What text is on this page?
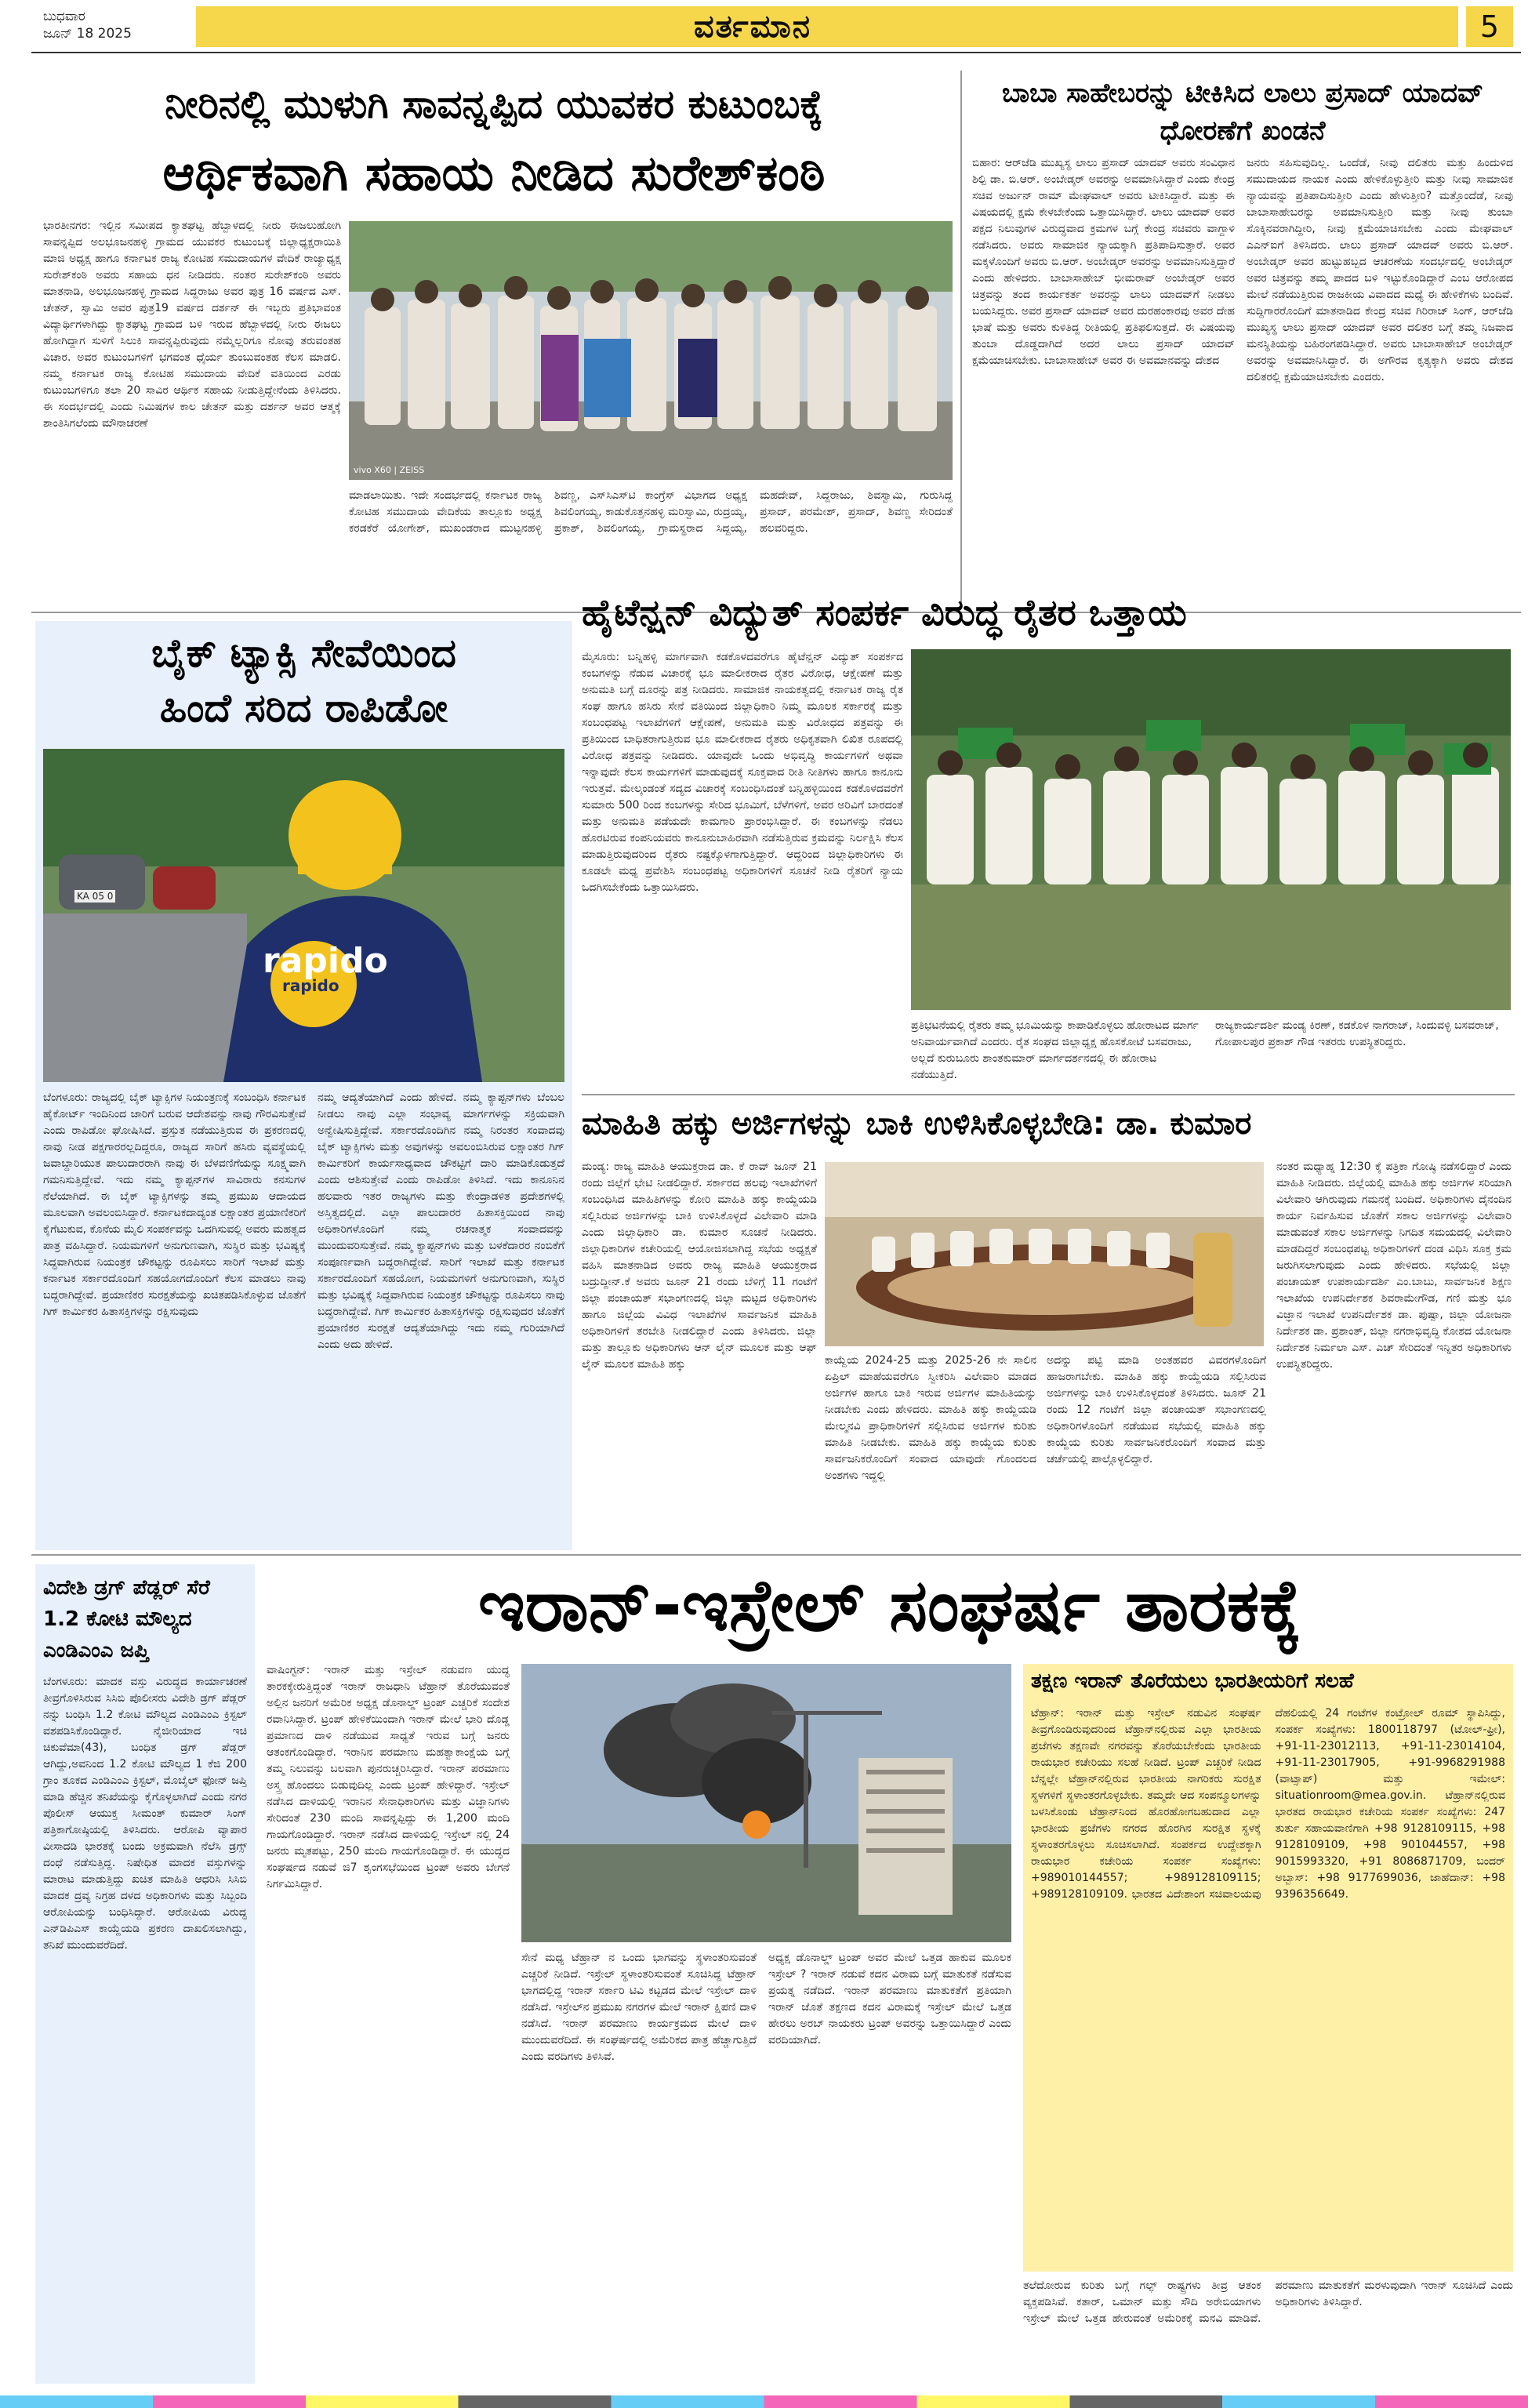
ಬುಧವಾರ
ಜೂನ್ 18 2025	ವರ್ತಮಾನ	5
ನೀರಿನಲ್ಲಿ ಮುಳುಗಿ ಸಾವನ್ನಪ್ಪಿದ ಯುವಕರ ಕುಟುಂಬಕ್ಕೆ
ಆರ್ಥಿಕವಾಗಿ ಸಹಾಯ ನೀಡಿದ ಸುರೇಶ್‌ಕಂಠಿ
ಭಾರತೀನಗರ: ಇಲ್ಲಿನ ಸಮೀಪದ ಕ್ಯಾತಘಟ್ಟ ಹೆಬ್ಬಾಳದಲ್ಲಿ ನೀರು ಈಜಲುಹೋಗಿ ಸಾವನ್ನಪ್ಪಿದ ಅಲಭೂಜನಹಳ್ಳಿ ಗ್ರಾಮದ ಯುವಕರ ಕುಟುಂಬಕ್ಕೆ ಜಿಲ್ಲಾಧ್ಯಕ್ಷರಾಯಿತಿ ಮಾಜಿ ಅಧ್ಯಕ್ಷ ಹಾಗೂ ಕರ್ನಾಟಕ ರಾಜ್ಯ ಕೋಟಿಹ ಸಮುದಾಯಗಳ ವೇದಿಕೆ ರಾಜ್ಯಾಧ್ಯಕ್ಷ ಸುರೇಶ್‌ಕಂಠಿ ಅವರು ಸಹಾಯ ಧನ ನೀಡಿದರು. ನಂತರ ಸುರೇಶ್‌ಕಂಠಿ ಅವರು ಮಾತನಾಡಿ, ಅಲಭೂಜನಹಳ್ಳಿ ಗ್ರಾಮದ ಸಿದ್ದರಾಜು ಅವರ ಪುತ್ರ 16 ವರ್ಷದ ಎಸ್. ಚೇತನ್, ಸ್ವಾಮಿ ಅವರ ಪುತ್ರ19 ವರ್ಷದ ದರ್ಶನ್ ಈ ಇಬ್ಬರು ಪ್ರತಿಭಾವಂತ ವಿದ್ಯಾರ್ಥಿಗಳಾಗಿದ್ದು ಕ್ಯಾತಘಟ್ಟ ಗ್ರಾಮದ ಬಳಿ ಇರುವ ಹೆಬ್ಬಾಳದಲ್ಲಿ ನೀರು ಈಜಲು ಹೋಗಿದ್ದಾಗ ಸುಳಿಗೆ ಸಿಲುಕಿ ಸಾವನ್ನಪ್ಪಿರುವುದು ನಮ್ಮೆಲ್ಲರಿಗೂ ನೋವು ತರುವಂತಹ ವಿಚಾರ. ಅವರ ಕುಟುಂಬಗಳಿಗೆ ಭಗವಂತ ಧೈರ್ಯ ತುಂಬುವಂತಹ ಕೆಲಸ ಮಾಡಲಿ. ನಮ್ಮ ಕರ್ನಾಟಕ ರಾಜ್ಯ ಕೋಟಿಹ ಸಮುದಾಯ ವೇದಿಕೆ ವತಿಯಿಂದ ಎರಡು ಕುಟುಂಬಗಳಿಗೂ ತಲಾ 20 ಸಾವಿರ ಆರ್ಥಿಕ ಸಹಾಯ ನೀಡುತ್ತಿದ್ದೇನೆಂದು ತಿಳಿಸಿದರು. ಈ ಸಂದರ್ಭದಲ್ಲಿ ಎಂದು ನಿಮಿಷಗಳ ಕಾಲ ಚೇತನ್ ಮತ್ತು ದರ್ಶನ್ ಅವರ ಆತ್ಮಕ್ಕೆ ಶಾಂತಿಸಿಗಲೆಂದು ಮೌನಾಚರಣೆ
vivo X60 | ZEISS
ಮಾಡಲಾಯಿತು. ಇದೇ ಸಂದರ್ಭದಲ್ಲಿ ಕರ್ನಾಟಕ ರಾಜ್ಯ ಕೋಟಿಹ ಸಮುದಾಯ ವೇದಿಕೆಯ ತಾಲ್ಲೂಕು ಅಧ್ಯಕ್ಷ ಕರಡಕೆರೆ ಯೋಗೇಶ್, ಮುಖಂಡರಾದ ಮುಟ್ಟನಹಳ್ಳಿ ಶಿವಣ್ಣ, ಎಸ್‌ಸಿಎಸ್‌ಟಿ ಕಾಂಗ್ರೆಸ್ ವಿಭಾಗದ ಅಧ್ಯಕ್ಷ ಶಿವಲಿಂಗಯ್ಯ, ಕಾಡುಕೊತ್ತನಹಳ್ಳಿ ಮರಿಸ್ವಾಮಿ, ರುದ್ರಯ್ಯ, ಪ್ರಕಾಶ್, ಶಿವಲಿಂಗಯ್ಯ, ಗ್ರಾಮಸ್ಥರಾದ ಸಿದ್ದಯ್ಯ, ಮಹದೇವ್, ಸಿದ್ದರಾಜು, ಶಿವಸ್ವಾಮಿ, ಗುರುಸಿದ್ದ ಪ್ರಸಾದ್, ಪರಮೇಶ್, ಪ್ರಸಾದ್, ಶಿವಣ್ಣ ಸೇರಿದಂತೆ ಹಲವರಿದ್ದರು.
ಬಾಬಾ ಸಾಹೇಬರನ್ನು ಟೀಕಿಸಿದ ಲಾಲು ಪ್ರಸಾದ್ ಯಾದವ್ ಧೋರಣೆಗೆ ಖಂಡನೆ
ಬಿಹಾರ: ಆರ್‌ಜೆಡಿ ಮುಖ್ಯಸ್ಥ ಲಾಲು ಪ್ರಸಾದ್ ಯಾದವ್ ಅವರು ಸಂವಿಧಾನ ಶಿಲ್ಪಿ ಡಾ. ಬಿ.ಆರ್. ಅಂಬೇಡ್ಕರ್ ಅವರನ್ನು ಅವಮಾನಿಸಿದ್ದಾರೆ ಎಂದು ಕೇಂದ್ರ ಸಚಿವ ಅರ್ಜುನ್ ರಾಮ್ ಮೇಘವಾಲ್ ಅವರು ಟೀಕಿಸಿದ್ದಾರೆ. ಮತ್ತು ಈ ವಿಷಯದಲ್ಲಿ ಕ್ಷಮೆ ಕೇಳಬೇಕೆಂದು ಒತ್ತಾಯಿಸಿದ್ದಾರೆ. ಲಾಲು ಯಾದವ್ ಅವರ ಪಕ್ಷದ ನಿಲುವುಗಳ ವಿರುದ್ಧವಾದ ಕ್ರಮಗಳ ಬಗ್ಗೆ ಕೇಂದ್ರ ಸಚಿವರು ವಾಗ್ದಾಳಿ ನಡೆಸಿದರು. ಅವರು ಸಾಮಾಜಿಕ ನ್ಯಾಯಕ್ಕಾಗಿ ಪ್ರತಿಪಾದಿಸುತ್ತಾರೆ. ಅವರ ಮಕ್ಕಳೊಂದಿಗೆ ಅವರು ಬಿ.ಆರ್. ಅಂಬೇಡ್ಕರ್ ಅವರನ್ನು ಅವಮಾನಿಸುತ್ತಿದ್ದಾರೆ ಎಂದು ಹೇಳಿದರು. ಬಾಬಾಸಾಹೇಬ್ ಭೀಮರಾವ್ ಅಂಬೇಡ್ಕರ್ ಅವರ ಚಿತ್ರವನ್ನು ತಂದ ಕಾರ್ಯಕರ್ತ ಅವರನ್ನು ಲಾಲು ಯಾದವ್‌ಗೆ ನೀಡಲು ಬಯಸಿದ್ದರು. ಅವರ ಪ್ರಸಾದ್ ಯಾದವ್ ಅವರ ದುರಹಂಕಾರವು ಅವರ ದೇಹ ಭಾಷೆ ಮತ್ತು ಅವರು ಕುಳಿತಿದ್ದ ರೀತಿಯಲ್ಲಿ ಪ್ರತಿಫಲಿಸುತ್ತದೆ. ಈ ವಿಷಯವು ತುಂಬಾ ದೊಡ್ಡದಾಗಿದೆ ಅದರ ಲಾಲು ಪ್ರಸಾದ್ ಯಾದವ್ ಕ್ಷಮೆಯಾಚಿಸಬೇಕು. ಬಾಬಾಸಾಹೇಬ್ ಅವರ ಈ ಅವಮಾನವನ್ನು ದೇಶದ
ಜನರು ಸಹಿಸುವುದಿಲ್ಲ. ಒಂದೆಡೆ, ನೀವು ದಲಿತರು ಮತ್ತು ಹಿಂದುಳಿದ ಸಮುದಾಯದ ನಾಯಕ ಎಂದು ಹೇಳಿಕೊಳ್ಳುತ್ತೀರಿ ಮತ್ತು ನೀವು ಸಾಮಾಜಿಕ ನ್ಯಾಯವನ್ನು ಪ್ರತಿಪಾದಿಸುತ್ತೀರಿ ಎಂದು ಹೇಳುತ್ತೀರಿ? ಮತ್ತೊಂದೆಡೆ, ನೀವು ಬಾಬಾಸಾಹೇಬರನ್ನು ಅವಮಾನಿಸುತ್ತೀರಿ ಮತ್ತು ನೀವು ತುಂಬಾ ಸೊಕ್ಕಿನವರಾಗಿದ್ದೀರಿ, ನೀವು ಕ್ಷಮೆಯಾಚಿಸಬೇಕು ಎಂದು ಮೇಘವಾಲ್ ಎಎನ್‌ಐಗೆ ತಿಳಿಸಿದರು. ಲಾಲು ಪ್ರಸಾದ್ ಯಾದವ್ ಅವರು ಬಿ.ಆರ್. ಅಂಬೇಡ್ಕರ್ ಅವರ ಹುಟ್ಟುಹಬ್ಬದ ಆಚರಣೆಯ ಸಂದರ್ಭದಲ್ಲಿ ಅಂಬೇಡ್ಕರ್ ಅವರ ಚಿತ್ರವನ್ನು ತಮ್ಮ ಪಾದದ ಬಳಿ ಇಟ್ಟುಕೊಂಡಿದ್ದಾರೆ ಎಂಬ ಆರೋಪದ ಮೇಲೆ ನಡೆಯುತ್ತಿರುವ ರಾಜಕೀಯ ವಿವಾದದ ಮಧ್ಯೆ ಈ ಹೇಳಿಕೆಗಳು ಬಂದಿವೆ. ಸುದ್ದಿಗಾರರೊಂದಿಗೆ ಮಾತನಾಡಿದ ಕೇಂದ್ರ ಸಚಿವ ಗಿರಿರಾಜ್ ಸಿಂಗ್, ಆರ್‌ಜೆಡಿ ಮುಖ್ಯಸ್ಥ ಲಾಲು ಪ್ರಸಾದ್ ಯಾದವ್ ಅವರ ದಲಿತರ ಬಗ್ಗೆ ತಮ್ಮ ನಿಜವಾದ ಮನಸ್ಥಿತಿಯನ್ನು ಬಹಿರಂಗಪಡಿಸಿದ್ದಾರೆ. ಅವರು ಬಾಬಾಸಾಹೇಬ್ ಅಂಬೇಡ್ಕರ್ ಅವರನ್ನು ಅವಮಾನಿಸಿದ್ದಾರೆ. ಈ ಅಗೌರವ ಕೃತ್ಯಕ್ಕಾಗಿ ಅವರು ದೇಶದ ದಲಿತರಲ್ಲಿ ಕ್ಷಮೆಯಾಚಿಸಬೇಕು ಎಂದರು.
ಬೈಕ್ ಟ್ಯಾಕ್ಸಿ ಸೇವೆಯಿಂದ
ಹಿಂದೆ ಸರಿದ ರಾಪಿಡೋ
rapido
rapido
KA 05 0
ಬೆಂಗಳೂರು: ರಾಜ್ಯದಲ್ಲಿ ಬೈಕ್ ಟ್ಯಾಕ್ಸಿಗಳ ನಿಯಂತ್ರಣಕ್ಕೆ ಸಂಬಂಧಿಸಿ ಕರ್ನಾಟಕ ಹೈಕೋರ್ಟ್ ಇಂದಿನಿಂದ ಜಾರಿಗೆ ಬರುವ ಆದೇಶವನ್ನು ನಾವು ಗೌರವಿಸುತ್ತೇವೆ ಎಂದು ರಾಪಿಡೋ ಘೋಷಿಸಿದೆ. ಪ್ರಸ್ತುತ ನಡೆಯುತ್ತಿರುವ ಈ ಪ್ರಕರಣದಲ್ಲಿ ನಾವು ನೀಡ ಪಕ್ಷಗಾರರಲ್ಲದಿದ್ದರೂ, ರಾಜ್ಯದ ಸಾರಿಗೆ ಹಸಿರು ವ್ಯವಸ್ಥೆಯಲ್ಲಿ ಜವಾಬ್ದಾರಿಯುತ ಪಾಲುದಾರರಾಗಿ ನಾವು ಈ ಬೆಳವಣಿಗೆಯನ್ನು ಸೂಕ್ಷ್ಮವಾಗಿ ಗಮನಿಸುತ್ತಿದ್ದೇವೆ. ಇದು ನಮ್ಮ ಕ್ಯಾಪ್ಟನ್‌ಗಳ ಸಾವಿರಾರು ಕನಸುಗಳ ನೆಲೆಯಾಗಿದೆ. ಈ ಬೈಕ್ ಟ್ಯಾಕ್ಸಿಗಳನ್ನು ತಮ್ಮ ಪ್ರಮುಖ ಆದಾಯದ ಮೂಲವಾಗಿ ಅವಲಂಬಿಸಿದ್ದಾರೆ. ಕರ್ನಾಟಕದಾದ್ಯಂತ ಲಕ್ಷಾಂತರ ಪ್ರಯಾಣಿಕರಿಗೆ ಕೈಗೆಟುಕುವ, ಕೊನೆಯ ಮೈಲಿ ಸಂಪರ್ಕವನ್ನು ಒದಗಿಸುವಲ್ಲಿ ಅವರು ಮಹತ್ವದ ಪಾತ್ರ ವಹಿಸಿದ್ದಾರೆ. ನಿಯಮಗಳಿಗೆ ಅನುಗುಣವಾಗಿ, ಸುಸ್ಥಿರ ಮತ್ತು ಭವಿಷ್ಯಕ್ಕೆ ಸಿದ್ಧವಾಗಿರುವ ನಿಯಂತ್ರಕ ಚೌಕಟ್ಟನ್ನು ರೂಪಿಸಲು ಸಾರಿಗೆ ಇಲಾಖೆ ಮತ್ತು ಕರ್ನಾಟಕ ಸರ್ಕಾರದೊಂದಿಗೆ ಸಹಯೋಗದೊಂದಿಗೆ ಕೆಲಸ ಮಾಡಲು ನಾವು ಬದ್ಧರಾಗಿದ್ದೇವೆ. ಪ್ರಯಾಣಿಕರ ಸುರಕ್ಷತೆಯನ್ನು ಖಚಿತಪಡಿಸಿಕೊಳ್ಳುವ ಜೊತೆಗೆ ಗಿಗ್ ಕಾರ್ಮಿಕರ ಹಿತಾಸಕ್ತಿಗಳನ್ನು ರಕ್ಷಿಸುವುದು
ನಮ್ಮ ಆದ್ಯತೆಯಾಗಿದೆ ಎಂದು ಹೇಳಿದೆ. ನಮ್ಮ ಕ್ಯಾಪ್ಟನ್‌ಗಳು ಬೆಂಬಲ ನೀಡಲು ನಾವು ಎಲ್ಲಾ ಸಂಭಾವ್ಯ ಮಾರ್ಗಗಳನ್ನು ಸಕ್ರಿಯವಾಗಿ ಅನ್ವೇಷಿಸುತ್ತಿದ್ದೇವೆ. ಸರ್ಕಾರದೊಂದಿಗಿನ ನಮ್ಮ ನಿರಂತರ ಸಂವಾದವು ಬೈಕ್ ಟ್ಯಾಕ್ಸಿಗಳು ಮತ್ತು ಅವುಗಳನ್ನು ಅವಲಂಬಿಸಿರುವ ಲಕ್ಷಾಂತರ ಗಿಗ್ ಕಾರ್ಮಿಕರಿಗೆ ಕಾರ್ಯಸಾಧ್ಯವಾದ ಚೌಕಟ್ಟಿಗೆ ದಾರಿ ಮಾಡಿಕೊಡುತ್ತದೆ ಎಂದು ಆಶಿಸುತ್ತೇವೆ ಎಂದು ರಾಪಿಡೋ ತಿಳಿಸಿದೆ. ಇದು ಕಾನೂನಿನ ಹಲವಾರು ಇತರ ರಾಜ್ಯಗಳು ಮತ್ತು ಕೇಂದ್ರಾಡಳಿತ ಪ್ರದೇಶಗಳಲ್ಲಿ ಅಸ್ತಿತ್ವದಲ್ಲಿದೆ. ಎಲ್ಲಾ ಪಾಲುದಾರರ ಹಿತಾಸಕ್ತಿಯಿಂದ ನಾವು ಅಧಿಕಾರಿಗಳೊಂದಿಗೆ ನಮ್ಮ ರಚನಾತ್ಮಕ ಸಂವಾದವನ್ನು ಮುಂದುವರಿಸುತ್ತೇವೆ. ನಮ್ಮ ಕ್ಯಾಪ್ಟನ್‌ಗಳು ಮತ್ತು ಬಳಕೆದಾರರ ನಂಬಿಕೆಗೆ ಸಂಪೂರ್ಣವಾಗಿ ಬದ್ಧರಾಗಿದ್ದೇವೆ. ಸಾರಿಗೆ ಇಲಾಖೆ ಮತ್ತು ಕರ್ನಾಟಕ ಸರ್ಕಾರದೊಂದಿಗೆ ಸಹಯೋಗ, ನಿಯಮಗಳಿಗೆ ಅನುಗುಣವಾಗಿ, ಸುಸ್ಥಿರ ಮತ್ತು ಭವಿಷ್ಯಕ್ಕೆ ಸಿದ್ಧವಾಗಿರುವ ನಿಯಂತ್ರಕ ಚೌಕಟ್ಟನ್ನು ರೂಪಿಸಲು ನಾವು ಬದ್ಧರಾಗಿದ್ದೇವೆ. ಗಿಗ್ ಕಾರ್ಮಿಕರ ಹಿತಾಸಕ್ತಿಗಳನ್ನು ರಕ್ಷಿಸುವುದರ ಜೊತೆಗೆ ಪ್ರಯಾಣಿಕರ ಸುರಕ್ಷತೆ ಆದ್ಯತೆಯಾಗಿದ್ದು ಇದು ನಮ್ಮ ಗುರಿಯಾಗಿದೆ ಎಂದು ಅದು ಹೇಳಿದೆ.
ಹೈಟೆನ್ಷನ್ ವಿದ್ಯುತ್ ಸಂಪರ್ಕ ವಿರುದ್ಧ ರೈತರ ಒತ್ತಾಯ
ಮೈಸೂರು: ಬನ್ನಿಹಳ್ಳಿ ಮಾರ್ಗವಾಗಿ ಕಡಕೊಳದವರೆಗೂ ಹೈಟೆನ್ಷನ್ ವಿದ್ಯುತ್ ಸಂಪರ್ಕದ ಕಂಬಗಳನ್ನು ನೆಡುವ ವಿಚಾರಕ್ಕೆ ಭೂ ಮಾಲೀಕರಾದ ರೈತರ ವಿರೋಧ, ಆಕ್ಷೇಪಣೆ ಮತ್ತು ಅನುಮತಿ ಬಗ್ಗೆ ದೂರನ್ನು ಪತ್ರ ನೀಡಿದರು. ಸಾಮಾಜಿಕ ನಾಯಕತ್ವದಲ್ಲಿ ಕರ್ನಾಟಕ ರಾಜ್ಯ ರೈತ ಸಂಘ ಹಾಗೂ ಹಸಿರು ಸೇನೆ ವತಿಯಿಂದ ಜಿಲ್ಲಾಧಿಕಾರಿ ನಿಮ್ಮ ಮೂಲಕ ಸರ್ಕಾರಕ್ಕೆ ಮತ್ತು ಸಂಬಂಧಪಟ್ಟ ಇಲಾಖೆಗಳಿಗೆ ಆಕ್ಷೇಪಣೆ, ಅನುಮತಿ ಮತ್ತು ವಿರೋಧದ ಪತ್ರವನ್ನು ಈ ಪ್ರತಿಯಿಂದ ಬಾಧಿತರಾಗುತ್ತಿರುವ ಭೂ ಮಾಲೀಕರಾದ ರೈತರು ಅಧಿಕೃತವಾಗಿ ಲಿಖಿತ ರೂಪದಲ್ಲಿ ವಿರೋಧ ಪತ್ರವನ್ನು ನೀಡಿದರು. ಯಾವುದೇ ಒಂದು ಅಭಿವೃದ್ಧಿ ಕಾರ್ಯಗಳಿಗೆ ಅಥವಾ ಇನ್ನಾವುದೇ ಕೆಲಸ ಕಾರ್ಯಗಳಿಗೆ ಮಾಡುವುದಕ್ಕೆ ಸೂಕ್ತವಾದ ರೀತಿ ನೀತಿಗಳು ಹಾಗೂ ಕಾನೂನು ಇರುತ್ತವೆ. ಮೇಲ್ಕಂಡಂತೆ ಸದ್ಯದ ವಿಚಾರಕ್ಕೆ ಸಂಬಂಧಿಸಿದಂತೆ ಬನ್ನಿಹಳ್ಳಿಯಿಂದ ಕಡಕೊಳದವರೆಗೆ ಸುಮಾರು 500 ರಿಂದ ಕಂಬಗಳನ್ನು ಸೇರಿದ ಭೂಮಿಗೆ, ಬೆಳೆಗಳಿಗೆ, ಅವರ ಅರಿವಿಗೆ ಬಾರದಂತೆ ಮತ್ತು ಅನುಮತಿ ಪಡೆಯದೇ ಕಾಮಗಾರಿ ಪ್ರಾರಂಭಿಸಿದ್ದಾರೆ. ಈ ಕಂಬಗಳನ್ನು ನೆಡಲು ಹೊರಟಿರುವ ಕಂಪನಿಯವರು ಕಾನೂನುಬಾಹಿರವಾಗಿ ನಡೆಸುತ್ತಿರುವ ಕ್ರಮವನ್ನು ನಿರ್ಲಕ್ಷಿಸಿ ಕೆಲಸ ಮಾಡುತ್ತಿರುವುದರಿಂದ ರೈತರು ನಷ್ಟಕ್ಕೊಳಗಾಗುತ್ತಿದ್ದಾರೆ. ಆದ್ದರಿಂದ ಜಿಲ್ಲಾಧಿಕಾರಿಗಳು ಈ ಕೂಡಲೇ ಮಧ್ಯ ಪ್ರವೇಶಿಸಿ ಸಂಬಂಧಪಟ್ಟ ಅಧಿಕಾರಿಗಳಿಗೆ ಸೂಚನೆ ನೀಡಿ ರೈತರಿಗೆ ನ್ಯಾಯ ಒದಗಿಸಬೇಕೆಂದು ಒತ್ತಾಯಿಸಿದರು.
ಪ್ರತಿಭಟನೆಯಲ್ಲಿ ರೈತರು ತಮ್ಮ ಭೂಮಿಯನ್ನು ಕಾಪಾಡಿಕೊಳ್ಳಲು ಹೋರಾಟದ ಮಾರ್ಗ ಅನಿವಾರ್ಯವಾಗಿದೆ ಎಂದರು. ರೈತ ಸಂಘದ ಜಿಲ್ಲಾಧ್ಯಕ್ಷ ಹೊಸಕೋಟೆ ಬಸವರಾಜು, ಅಲ್ಲದೆ ಕುರುಬೂರು ಶಾಂತಕುಮಾರ್ ಮಾರ್ಗದರ್ಶನದಲ್ಲಿ ಈ ಹೋರಾಟ ನಡೆಯುತ್ತಿದೆ.
ರಾಜ್ಯಕಾರ್ಯದರ್ಶಿ ಮಂಡ್ಯ ಕಿರಣ್, ಕಡಕೊಳ ನಾಗರಾಜ್, ಸಿಂದುವಳ್ಳಿ ಬಸವರಾಜ್, ಗೋಪಾಲಪುರ ಪ್ರಕಾಶ್ ಗೌಡ ಇತರರು ಉಪಸ್ಥಿತರಿದ್ದರು.
ಮಾಹಿತಿ ಹಕ್ಕು ಅರ್ಜಿಗಳನ್ನು ಬಾಕಿ ಉಳಿಸಿಕೊಳ್ಳಬೇಡಿ: ಡಾ. ಕುಮಾರ
ಮಂಡ್ಯ: ರಾಜ್ಯ ಮಾಹಿತಿ ಆಯುಕ್ತರಾದ ಡಾ. ಕೆ ರಾವ್ ಜೂನ್ 21 ರಂದು ಜಿಲ್ಲೆಗೆ ಭೇಟಿ ನೀಡಲಿದ್ದಾರೆ. ಸರ್ಕಾರದ ಹಲವು ಇಲಾಖೆಗಳಿಗೆ ಸಂಬಂಧಿಸಿದ ಮಾಹಿತಿಗಳನ್ನು ಕೋರಿ ಮಾಹಿತಿ ಹಕ್ಕು ಕಾಯ್ದೆಯಡಿ ಸಲ್ಲಿಸಿರುವ ಅರ್ಜಿಗಳನ್ನು ಬಾಕಿ ಉಳಿಸಿಕೊಳ್ಳದೆ ವಿಲೇವಾರಿ ಮಾಡಿ ಎಂದು ಜಿಲ್ಲಾಧಿಕಾರಿ ಡಾ. ಕುಮಾರ ಸೂಚನೆ ನೀಡಿದರು. ಜಿಲ್ಲಾಧಿಕಾರಿಗಳ ಕಚೇರಿಯಲ್ಲಿ ಆಯೋಜಿಸಲಾಗಿದ್ದ ಸಭೆಯ ಅಧ್ಯಕ್ಷತೆ ವಹಿಸಿ ಮಾತನಾಡಿದ ಅವರು ರಾಜ್ಯ ಮಾಹಿತಿ ಆಯುಕ್ತರಾದ ಬದ್ರುದ್ದೀನ್.ಕೆ ಅವರು ಜೂನ್ 21 ರಂದು ಬೆಳಿಗ್ಗೆ 11 ಗಂಟೆಗೆ ಜಿಲ್ಲಾ ಪಂಚಾಯತ್ ಸಭಾಂಗಣದಲ್ಲಿ ಜಿಲ್ಲಾ ಮಟ್ಟದ ಅಧಿಕಾರಿಗಳು ಹಾಗೂ ಜಿಲ್ಲೆಯ ವಿವಿಧ ಇಲಾಖೆಗಳ ಸಾರ್ವಜನಿಕ ಮಾಹಿತಿ ಅಧಿಕಾರಿಗಳಿಗೆ ತರಬೇತಿ ನೀಡಲಿದ್ದಾರೆ ಎಂದು ತಿಳಿಸಿದರು. ಜಿಲ್ಲಾ ಮತ್ತು ತಾಲ್ಲೂಕು ಅಧಿಕಾರಿಗಳು ಆನ್ ಲೈನ್ ಮೂಲಕ ಮತ್ತು ಆಫ್ ಲೈನ್ ಮೂಲಕ ಮಾಹಿತಿ ಹಕ್ಕು	ಕಾಯ್ದೆಯ 2024-25 ಮತ್ತು 2025-26 ನೇ ಸಾಲಿನ ಏಪ್ರಿಲ್ ಮಾಹೆಯವರೆಗೂ ಸ್ವೀಕರಿಸಿ ವಿಲೇವಾರಿ ಮಾಡದ ಅರ್ಜಿಗಳ ಹಾಗೂ ಬಾಕಿ ಇರುವ ಅರ್ಜಿಗಳ ಮಾಹಿತಿಯನ್ನು ನೀಡಬೇಕು ಎಂದು ಹೇಳಿದರು. ಮಾಹಿತಿ ಹಕ್ಕು ಕಾಯ್ದೆಯಡಿ ಮೇಲ್ಮನವಿ ಪ್ರಾಧಿಕಾರಿಗಳಿಗೆ ಸಲ್ಲಿಸಿರುವ ಅರ್ಜಿಗಳ ಕುರಿತು ಮಾಹಿತಿ ನೀಡಬೇಕು. ಮಾಹಿತಿ ಹಕ್ಕು ಕಾಯ್ದೆಯ ಕುರಿತು ಸಾರ್ವಜನಿಕರೊಂದಿಗೆ ಸಂವಾದ ಯಾವುದೇ ಗೊಂದಲದ ಅಂಶಗಳು ಇದ್ದಲ್ಲಿ
ಅದನ್ನು ಪಟ್ಟಿ ಮಾಡಿ ಅಂತಹವರ ವಿವರಗಳೊಂದಿಗೆ ಹಾಜರಾಗಬೇಕು. ಮಾಹಿತಿ ಹಕ್ಕು ಕಾಯ್ದೆಯಡಿ ಸಲ್ಲಿಸಿರುವ ಅರ್ಜಿಗಳನ್ನು ಬಾಕಿ ಉಳಿಸಿಕೊಳ್ಳದಂತೆ ತಿಳಿಸಿದರು. ಜೂನ್ 21 ರಂದು 12 ಗಂಟೆಗೆ ಜಿಲ್ಲಾ ಪಂಚಾಯತ್ ಸಭಾಂಗಣದಲ್ಲಿ ಅಧಿಕಾರಿಗಳೊಂದಿಗೆ ನಡೆಯುವ ಸಭೆಯಲ್ಲಿ ಮಾಹಿತಿ ಹಕ್ಕು ಕಾಯ್ದೆಯ ಕುರಿತು ಸಾರ್ವಜನಿಕರೊಂದಿಗೆ ಸಂವಾದ ಮತ್ತು ಚರ್ಚೆಯಲ್ಲಿ ಪಾಲ್ಗೊಳ್ಳಲಿದ್ದಾರೆ.
ನಂತರ ಮಧ್ಯಾಹ್ನ 12:30 ಕ್ಕೆ ಪತ್ರಿಕಾ ಗೋಷ್ಠಿ ನಡೆಸಲಿದ್ದಾರೆ ಎಂದು ಮಾಹಿತಿ ನೀಡಿದರು. ಜಿಲ್ಲೆಯಲ್ಲಿ ಮಾಹಿತಿ ಹಕ್ಕು ಅರ್ಜಿಗಳ ಸರಿಯಾಗಿ ವಿಲೇವಾರಿ ಆಗಿರುವುದು ಗಮನಕ್ಕೆ ಬಂದಿದೆ. ಅಧಿಕಾರಿಗಳು ದೈನಂದಿನ ಕಾರ್ಯ ನಿರ್ವಹಿಸುವ ಜೊತೆಗೆ ಸಕಾಲ ಅರ್ಜಿಗಳನ್ನು ವಿಲೇವಾರಿ ಮಾಡುವಂತೆ ಸಕಾಲ ಅರ್ಜಿಗಳನ್ನು ನಿಗದಿತ ಸಮಯದಲ್ಲಿ ವಿಲೇವಾರಿ ಮಾಡದಿದ್ದರೆ ಸಂಬಂಧಪಟ್ಟ ಅಧಿಕಾರಿಗಳಿಗೆ ದಂಡ ವಿಧಿಸಿ ಸೂಕ್ತ ಕ್ರಮ ಜರುಗಿಸಲಾಗುವುದು ಎಂದು ಹೇಳಿದರು. ಸಭೆಯಲ್ಲಿ ಜಿಲ್ಲಾ ಪಂಚಾಯತ್ ಉಪಕಾರ್ಯದರ್ಶಿ ಎಂ.ಬಾಬು, ಸಾರ್ವಜನಿಕ ಶಿಕ್ಷಣ ಇಲಾಖೆಯ ಉಪನಿರ್ದೇಶಕ ಶಿವರಾಮೇಗೌಡ, ಗಣಿ ಮತ್ತು ಭೂ ವಿಜ್ಞಾನ ಇಲಾಖೆ ಉಪನಿರ್ದೇಶಕ ಡಾ. ಪುಷ್ಪಾ, ಜಿಲ್ಲಾ ಯೋಜನಾ ನಿರ್ದೇಶಕ ಡಾ. ಪ್ರಶಾಂತ್, ಜಿಲ್ಲಾ ನಗರಾಭಿವೃದ್ಧಿ ಕೋಶದ ಯೋಜನಾ ನಿರ್ದೇಶಕ ನಿರ್ಮಲಾ ಎಸ್. ಎಚ್ ಸೇರಿದಂತೆ ಇನ್ನಿತರ ಅಧಿಕಾರಿಗಳು ಉಪಸ್ಥಿತರಿದ್ದರು.
ವಿದೇಶಿ ಡ್ರಗ್ ಪೆಡ್ಲರ್ ಸೆರೆ 1.2 ಕೋಟಿ ಮೌಲ್ಯದ ಎಂಡಿಎಂಎ ಜಪ್ತಿ
ಬೆಂಗಳೂರು: ಮಾದಕ ವಸ್ತು ವಿರುದ್ಧದ ಕಾರ್ಯಾಚರಣೆ ತೀವ್ರಗೊಳಿಸಿರುವ ಸಿಸಿಬಿ ಪೊಲೀಸರು ವಿದೇಶಿ ಡ್ರಗ್ ಪೆಡ್ಲರ್ ನನ್ನು ಬಂಧಿಸಿ 1.2 ಕೋಟಿ ಮೌಲ್ಯದ ಎಂಡಿಎಂಎ ಕ್ರಿಸ್ಟಲ್ ವಶಪಡಿಸಿಕೊಂಡಿದ್ದಾರೆ. ನೈಜೀರಿಯಾದ ಇಚಿ ಚಿಕುವೆಮಾ(43), ಬಂಧಿತ ಡ್ರಗ್ ಪೆಡ್ಲರ್ ಆಗಿದ್ದು,ಅವನಿಂದ 1.2 ಕೋಟಿ ಮೌಲ್ಯದ 1 ಕೆಜಿ 200 ಗ್ರಾಂ ತೂಕದ ಎಂಡಿಎಂಎ ಕ್ರಿಸ್ಟಲ್, ಮೊಬೈಲ್ ಫೋನ್ ಜಪ್ತಿ ಮಾಡಿ ಹೆಚ್ಚಿನ ತನಿಖೆಯನ್ನು ಕೈಗೊಳ್ಳಲಾಗಿದೆ ಎಂದು ನಗರ ಪೊಲೀಸ್ ಆಯುಕ್ತ ಸೀಮಂತ್ ಕುಮಾರ್ ಸಿಂಗ್ ಪತ್ರಿಕಾಗೋಷ್ಠಿಯಲ್ಲಿ ತಿಳಿಸಿದರು. ಆರೋಪಿ ವ್ಯಾಪಾರ ವೀಸಾದಡಿ ಭಾರತಕ್ಕೆ ಬಂದು ಅಕ್ರಮವಾಗಿ ನೆಲೆಸಿ ಡ್ರಗ್ಸ್ ದಂಧೆ ನಡೆಸುತ್ತಿದ್ದ. ನಿಷೇಧಿತ ಮಾದಕ ವಸ್ತುಗಳನ್ನು ಮಾರಾಟ ಮಾಡುತ್ತಿದ್ದು ಖಚಿತ ಮಾಹಿತಿ ಆಧರಿಸಿ ಸಿಸಿಬಿ ಮಾದಕ ದ್ರವ್ಯ ನಿಗ್ರಹ ದಳದ ಅಧಿಕಾರಿಗಳು ಮತ್ತು ಸಿಬ್ಬಂದಿ ಆರೋಪಿಯನ್ನು ಬಂಧಿಸಿದ್ದಾರೆ. ಆರೋಪಿಯ ವಿರುದ್ಧ ಎನ್‌ಡಿಪಿಎಸ್ ಕಾಯ್ದೆಯಡಿ ಪ್ರಕರಣ ದಾಖಲಿಸಲಾಗಿದ್ದು, ತನಿಖೆ ಮುಂದುವರೆದಿದೆ.
ಇರಾನ್-ಇಸ್ರೇಲ್ ಸಂಘರ್ಷ ತಾರಕಕ್ಕೆ
ವಾಷಿಂಗ್ಟನ್: ಇರಾನ್ ಮತ್ತು ಇಸ್ರೇಲ್ ನಡುವಣ ಯುದ್ಧ ತಾರಕಕ್ಕೇರುತ್ತಿದ್ದಂತೆ ಇರಾನ್ ರಾಜಧಾನಿ ಟೆಹ್ರಾನ್ ತೊರೆಯುವಂತೆ ಅಲ್ಲಿನ ಜನರಿಗೆ ಅಮೆರಿಕ ಅಧ್ಯಕ್ಷ ಡೊನಾಲ್ಡ್ ಟ್ರಂಪ್ ಎಚ್ಚರಿಕೆ ಸಂದೇಶ ರವಾನಿಸಿದ್ದಾರೆ. ಟ್ರಂಪ್ ಹೇಳಿಕೆಯಿಂದಾಗಿ ಇರಾನ್ ಮೇಲೆ ಭಾರಿ ದೊಡ್ಡ ಪ್ರಮಾಣದ ದಾಳಿ ನಡೆಯುವ ಸಾಧ್ಯತೆ ಇರುವ ಬಗ್ಗೆ ಜನರು ಆತಂಕಗೊಂಡಿದ್ದಾರೆ. ಇರಾನಿನ ಪರಮಾಣು ಮಹತ್ವಾಕಾಂಕ್ಷೆಯ ಬಗ್ಗೆ ತಮ್ಮ ನಿಲುವನ್ನು ಬಲವಾಗಿ ಪುನರುಚ್ಚರಿಸಿದ್ದಾರೆ. ಇರಾನ್ ಪರಮಾಣು ಅಸ್ತ್ರ ಹೊಂದಲು ಬಿಡುವುದಿಲ್ಲ ಎಂದು ಟ್ರಂಪ್ ಹೇಳಿದ್ದಾರೆ. ಇಸ್ರೇಲ್ ನಡೆಸಿದ ದಾಳಿಯಲ್ಲಿ ಇರಾನಿನ ಸೇನಾಧಿಕಾರಿಗಳು ಮತ್ತು ವಿಜ್ಞಾನಿಗಳು ಸೇರಿದಂತೆ 230 ಮಂದಿ ಸಾವನ್ನಪ್ಪಿದ್ದು ಈ 1,200 ಮಂದಿ ಗಾಯಗೊಂಡಿದ್ದಾರೆ. ಇರಾನ್ ನಡೆಸಿದ ದಾಳಿಯಲ್ಲಿ ಇಸ್ರೇಲ್ ನಲ್ಲಿ 24 ಜನರು ಮೃತಪಟ್ಟು, 250 ಮಂದಿ ಗಾಯಗೊಂಡಿದ್ದಾರೆ. ಈ ಯುದ್ಧದ ಸಂಘರ್ಷದ ನಡುವೆ ಜಿ7 ಶೃಂಗಸಭೆಯಿಂದ ಟ್ರಂಪ್ ಅವರು ಬೇಗನೆ ನಿರ್ಗಮಿಸಿದ್ದಾರೆ.
ಸೇನೆ ಮಧ್ಯ ಟೆಹ್ರಾನ್ ನ ಒಂದು ಭಾಗವನ್ನು ಸ್ಥಳಾಂತರಿಸುವಂತೆ ಎಚ್ಚರಿಕೆ ನೀಡಿದೆ. ಇಸ್ರೇಲ್ ಸ್ಥಳಾಂತರಿಸುವಂತೆ ಸೂಚಿಸಿದ್ದ ಟೆಹ್ರಾನ್ ಭಾಗದಲ್ಲಿದ್ದ ಇರಾನ್ ಸರ್ಕಾರಿ ಟಿವಿ ಕಟ್ಟಡದ ಮೇಲೆ ಇಸ್ರೇಲ್ ದಾಳಿ ನಡೆಸಿದೆ. ಇಸ್ರೇಲ್‌ನ ಪ್ರಮುಖ ನಗರಗಳ ಮೇಲೆ ಇರಾನ್ ಕ್ಷಿಪಣಿ ದಾಳಿ ನಡೆಸಿದೆ. ಇರಾನ್ ಪರಮಾಣು ಕಾರ್ಯಕ್ರಮದ ಮೇಲೆ ದಾಳಿ ಮುಂದುವರೆದಿದೆ. ಈ ಸಂಘರ್ಷದಲ್ಲಿ ಅಮೆರಿಕದ ಪಾತ್ರ ಹೆಚ್ಚಾಗುತ್ತಿದೆ ಎಂದು ವರದಿಗಳು ತಿಳಿಸಿವೆ.
ಅಧ್ಯಕ್ಷ ಡೊನಾಲ್ಡ್ ಟ್ರಂಪ್ ಅವರ ಮೇಲೆ ಒತ್ತಡ ಹಾಕುವ ಮೂಲಕ ಇಸ್ರೇಲ್ ? ಇರಾನ್ ನಡುವೆ ಕದನ ವಿರಾಮ ಬಗ್ಗೆ ಮಾತುಕತೆ ನಡೆಸುವ ಪ್ರಯತ್ನ ನಡೆದಿದೆ. ಇರಾನ್ ಪರಮಾಣು ಮಾತುಕತೆಗೆ ಪ್ರತಿಯಾಗಿ ಇರಾನ್ ಜೊತೆ ತಕ್ಷಣದ ಕದನ ವಿರಾಮಕ್ಕೆ ಇಸ್ರೇಲ್ ಮೇಲೆ ಒತ್ತಡ ಹೇರಲು ಅರಬ್ ನಾಯಕರು ಟ್ರಂಪ್ ಅವರನ್ನು ಒತ್ತಾಯಿಸಿದ್ದಾರೆ ಎಂದು ವರದಿಯಾಗಿದೆ.
ತಲೆದೋರುವ ಕುರಿತು ಬಗ್ಗೆ ಗಲ್ಫ್ ರಾಷ್ಟ್ರಗಳು ತೀವ್ರ ಆತಂಕ ವ್ಯಕ್ತಪಡಿಸಿವೆ. ಕತಾರ್, ಒಮಾನ್ ಮತ್ತು ಸೌದಿ ಅರೇಬಿಯಾಗಳು ಇಸ್ರೇಲ್ ಮೇಲೆ ಒತ್ತಡ ಹೇರುವಂತೆ ಅಮೆರಿಕಕ್ಕೆ ಮನವಿ ಮಾಡಿವೆ. ಪರಮಾಣು ಮಾತುಕತೆಗೆ ಮರಳುವುದಾಗಿ ಇರಾನ್ ಸೂಚಿಸಿದೆ ಎಂದು ಅಧಿಕಾರಿಗಳು ತಿಳಿಸಿದ್ದಾರೆ.
ತಕ್ಷಣ ಇರಾನ್ ತೊರೆಯಲು ಭಾರತೀಯರಿಗೆ ಸಲಹೆ
ಟೆಹ್ರಾನ್: ಇರಾನ್ ಮತ್ತು ಇಸ್ರೇಲ್ ನಡುವಿನ ಸಂಘರ್ಷ ತೀವ್ರಗೊಂಡಿರುವುದರಿಂದ ಟೆಹ್ರಾನ್‌ನಲ್ಲಿರುವ ಎಲ್ಲಾ ಭಾರತೀಯ ಪ್ರಜೆಗಳು ತಕ್ಷಣವೇ ನಗರವನ್ನು ತೊರೆಯಬೇಕೆಂದು ಭಾರತೀಯ ರಾಯಭಾರ ಕಚೇರಿಯು ಸಲಹೆ ನೀಡಿದೆ. ಟ್ರಂಪ್ ಎಚ್ಚರಿಕೆ ನೀಡಿದ ಬೆನ್ನಲ್ಲೇ ಟೆಹ್ರಾನ್‌ನಲ್ಲಿರುವ ಭಾರತೀಯ ನಾಗರಿಕರು ಸುರಕ್ಷಿತ ಸ್ಥಳಗಳಿಗೆ ಸ್ಥಳಾಂತರಗೊಳ್ಳಬೇಕು. ತಮ್ಮದೇ ಆದ ಸಂಪನ್ಮೂಲಗಳನ್ನು ಬಳಸಿಕೊಂಡು ಟೆಹ್ರಾನ್‌ನಿಂದ ಹೊರಹೋಗಬಹುದಾದ ಎಲ್ಲಾ ಭಾರತೀಯ ಪ್ರಜೆಗಳು ನಗರದ ಹೊರಗಿನ ಸುರಕ್ಷಿತ ಸ್ಥಳಕ್ಕೆ ಸ್ಥಳಾಂತರಗೊಳ್ಳಲು ಸೂಚಿಸಲಾಗಿದೆ. ಸಂಪರ್ಕದ ಉದ್ದೇಶಕ್ಕಾಗಿ ರಾಯಭಾರ ಕಚೇರಿಯ ಸಂಪರ್ಕ ಸಂಖ್ಯೆಗಳು: +989010144557; +989128109115; +989128109109. ಭಾರತದ ವಿದೇಶಾಂಗ ಸಚಿವಾಲಯವು ದೆಹಲಿಯಲ್ಲಿ 24 ಗಂಟೆಗಳ ಕಂಟ್ರೋಲ್ ರೂಮ್ ಸ್ಥಾಪಿಸಿದ್ದು, ಸಂಪರ್ಕ ಸಂಖ್ಯೆಗಳು: 1800118797 (ಟೋಲ್-ಫ್ರೀ), +91-11-23012113, +91-11-23014104, +91-11-23017905, +91-9968291988 (ವಾಟ್ಸಾಪ್) ಮತ್ತು ಇಮೇಲ್: situationroom@mea.gov.in. ಟೆಹ್ರಾನ್‌ನಲ್ಲಿರುವ ಭಾರತದ ರಾಯಭಾರ ಕಚೇರಿಯ ಸಂಪರ್ಕ ಸಂಖ್ಯೆಗಳು: 247 ತುರ್ತು ಸಹಾಯವಾಣಿಗಾಗಿ +98 9128109115, +98 9128109109, +98 901044557, +98 9015993320, +91 8086871709, ಬಂದರ್ ಅಬ್ಬಾಸ್: +98 9177699036, ಜಾಹೆದಾನ್: +98 9396356649.
